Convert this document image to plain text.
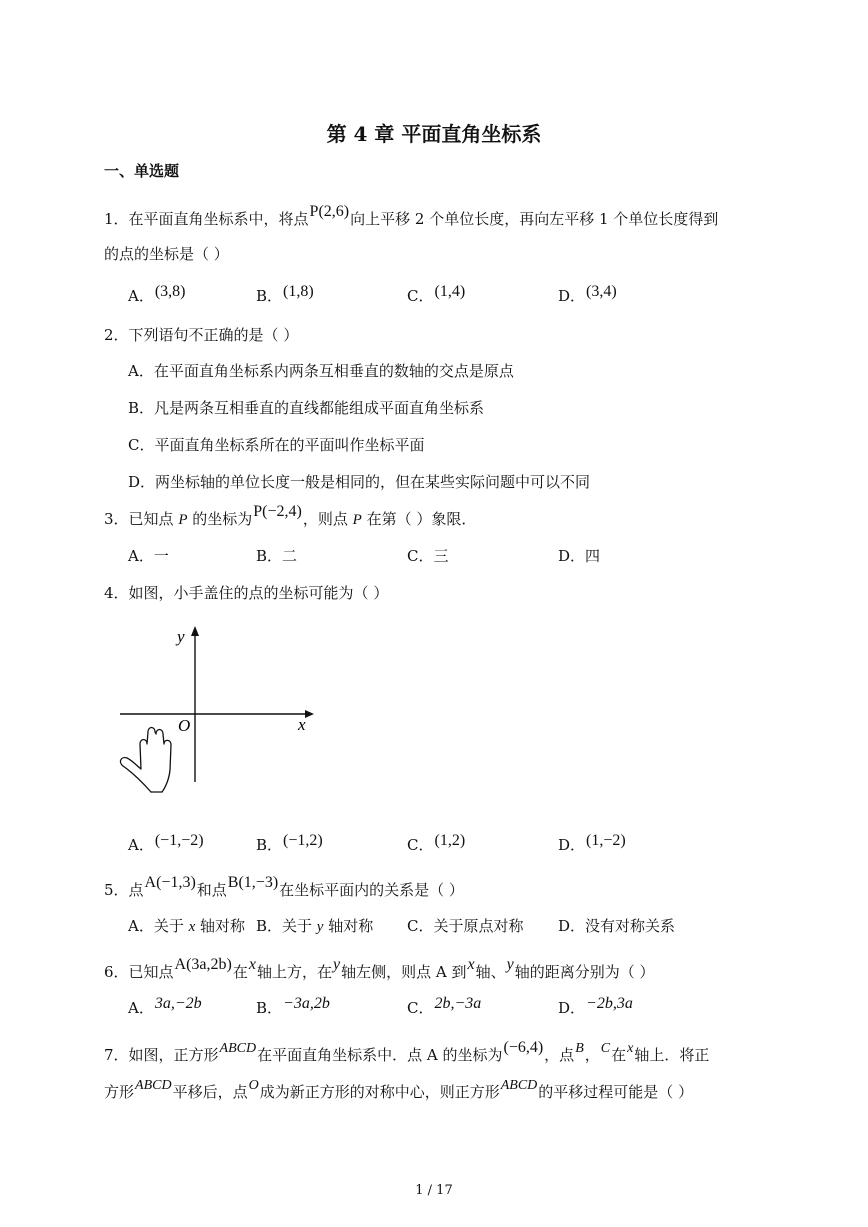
第 4 章 平面直角坐标系
一、单选题
1．在平面直角坐标系中，将点P(2,6)向上平移 2 个单位长度，再向左平移 1 个单位长度得到
的点的坐标是（ ）
A．(3,8)	B．(1,8)	C．(1,4)	D．(3,4)
2．下列语句不正确的是（ ）
A．在平面直角坐标系内两条互相垂直的数轴的交点是原点
B．凡是两条互相垂直的直线都能组成平面直角坐标系
C．平面直角坐标系所在的平面叫作坐标平面
D．两坐标轴的单位长度一般是相同的，但在某些实际问题中可以不同
3．已知点 P 的坐标为P(−2,4)，则点 P 在第（ ）象限．
A．一	B．二	C．三	D．四
4．如图，小手盖住的点的坐标可能为（ ）
x
y
O
A．(−1,−2)	B．(−1,2)	C．(1,2)	D．(1,−2)
5．点A(−1,3)和点B(1,−3)在坐标平面内的关系是（ ）
A．关于 x 轴对称 B．关于 y 轴对称 C．关于原点对称 D．没有对称关系
6．已知点A(3a,2b)在x轴上方，在y轴左侧，则点 A 到x轴、y轴的距离分别为（ ）
A．3a,−2b	B．−3a,2b	C．2b,−3a	D．−2b,3a
7．如图，正方形ABCD在平面直角坐标系中．点 A 的坐标为(−6,4)，点B，C在x轴上．将正
方形ABCD平移后，点O成为新正方形的对称中心，则正方形ABCD的平移过程可能是（ ）
1 / 17
